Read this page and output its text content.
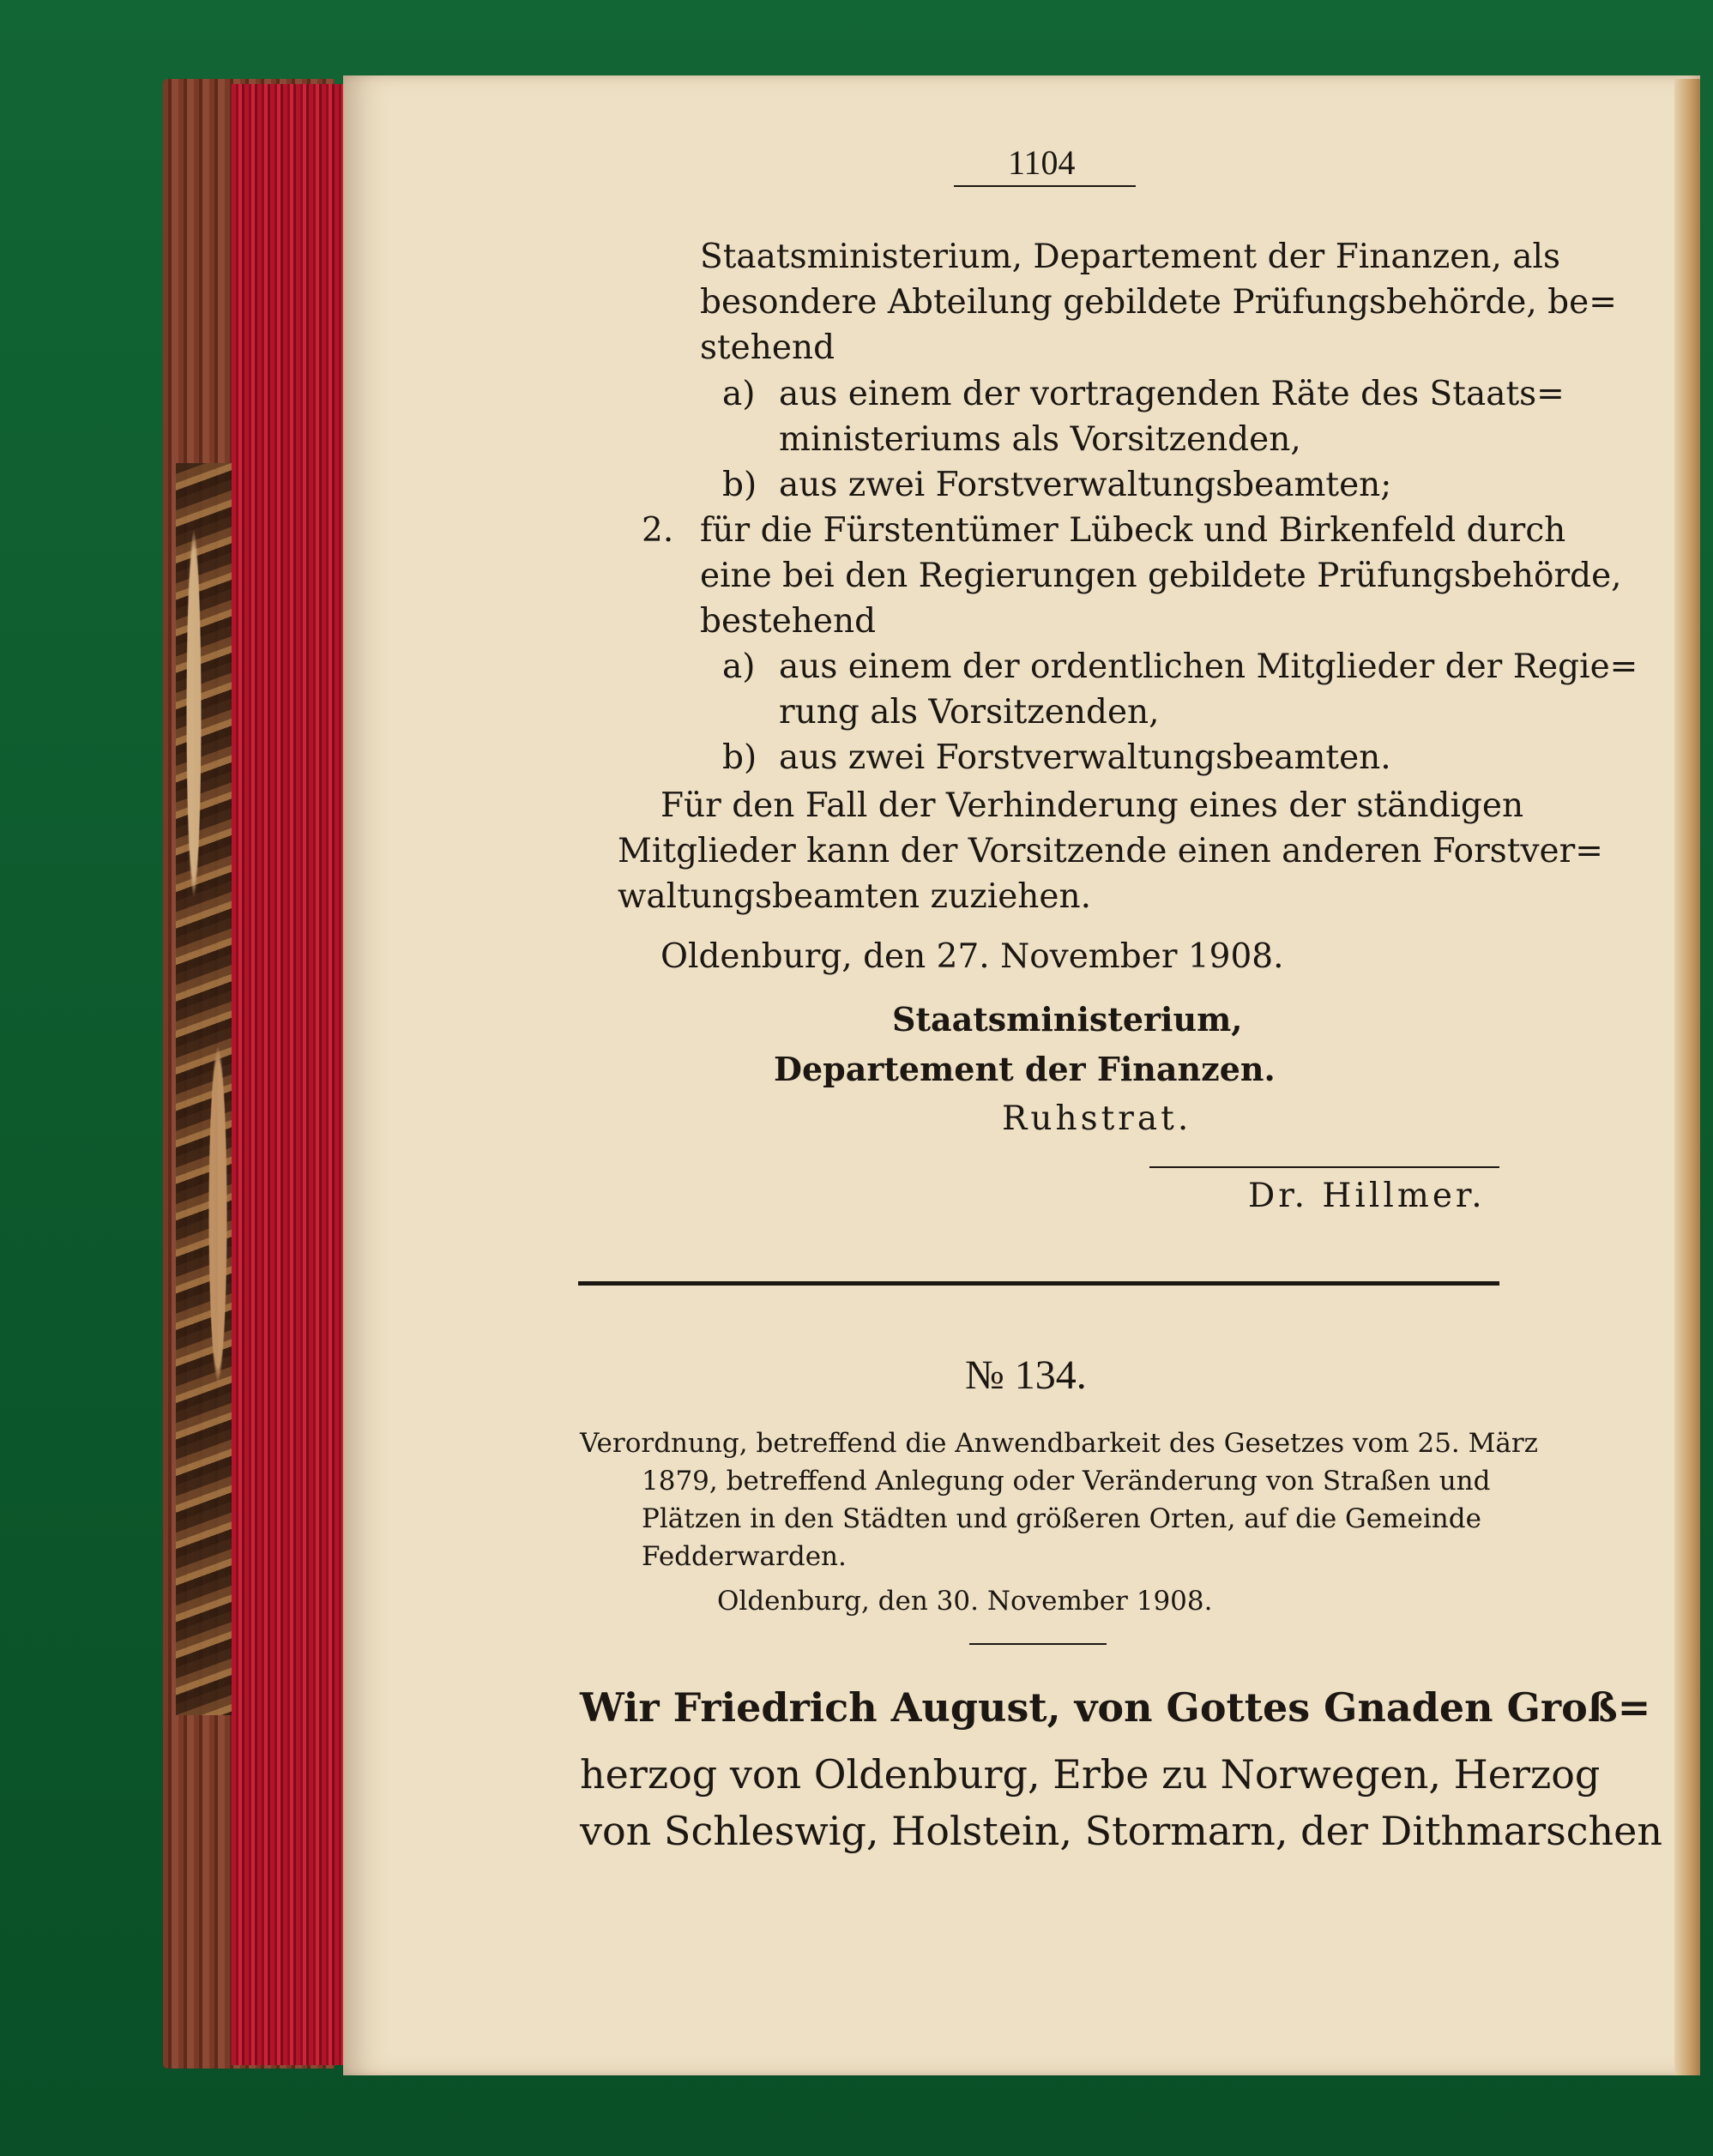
1104
Staatsministerium, Departement der Finanzen, als
besondere Abteilung gebildete Prüfungsbehörde, be=
stehend
a) aus einem der vortragenden Räte des Staats=
ministeriums als Vorsitzenden,
b) aus zwei Forstverwaltungsbeamten;
2. für die Fürstentümer Lübeck und Birkenfeld durch
eine bei den Regierungen gebildete Prüfungsbehörde,
bestehend
a) aus einem der ordentlichen Mitglieder der Regie=
rung als Vorsitzenden,
b) aus zwei Forstverwaltungsbeamten.
Für den Fall der Verhinderung eines der ständigen
Mitglieder kann der Vorsitzende einen anderen Forstver=
waltungsbeamten zuziehen.
Oldenburg, den 27. November 1908.
Staatsministerium,
Departement der Finanzen.
Ruhstrat.
Dr. Hillmer.
№ 134.
Verordnung, betreffend die Anwendbarkeit des Gesetzes vom 25. März
1879, betreffend Anlegung oder Veränderung von Straßen und
Plätzen in den Städten und größeren Orten, auf die Gemeinde
Fedderwarden.
Oldenburg, den 30. November 1908.
Wir Friedrich August, von Gottes Gnaden Groß=
herzog von Oldenburg, Erbe zu Norwegen, Herzog
von Schleswig, Holstein, Stormarn, der Dithmarschen
